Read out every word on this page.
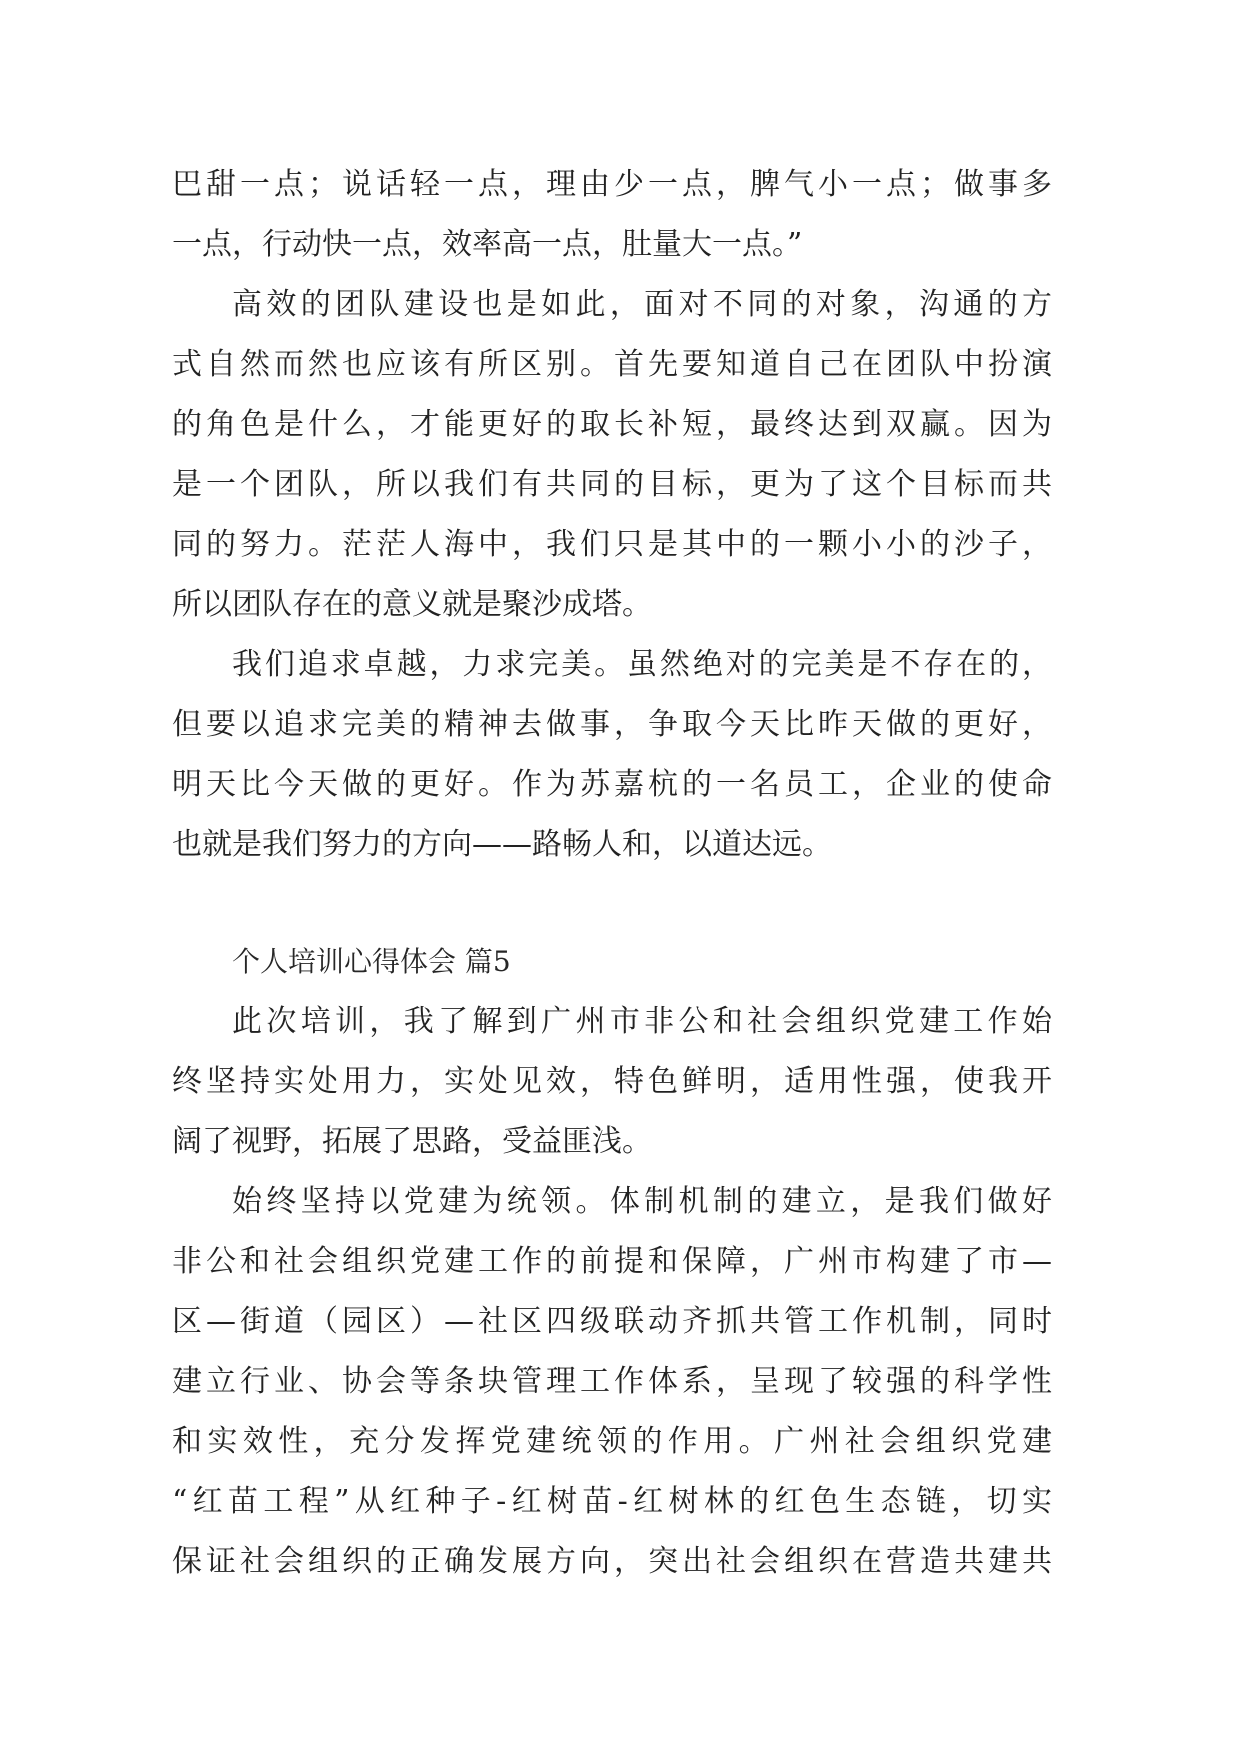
巴甜一点；说话轻一点，理由少一点，脾气小一点；做事多
一点，行动快一点，效率高一点，肚量大一点。”
高效的团队建设也是如此，面对不同的对象，沟通的方
式自然而然也应该有所区别。首先要知道自己在团队中扮演
的角色是什么，才能更好的取长补短，最终达到双赢。因为
是一个团队，所以我们有共同的目标，更为了这个目标而共
同的努力。茫茫人海中，我们只是其中的一颗小小的沙子，
所以团队存在的意义就是聚沙成塔。
我们追求卓越，力求完美。虽然绝对的完美是不存在的，
但要以追求完美的精神去做事，争取今天比昨天做的更好，
明天比今天做的更好。作为苏嘉杭的一名员工，企业的使命
也就是我们努力的方向——路畅人和，以道达远。
个人培训心得体会 篇5
此次培训，我了解到广州市非公和社会组织党建工作始
终坚持实处用力，实处见效，特色鲜明，适用性强，使我开
阔了视野，拓展了思路，受益匪浅。
始终坚持以党建为统领。体制机制的建立，是我们做好
非公和社会组织党建工作的前提和保障，广州市构建了市—
区—街道（园区）—社区四级联动齐抓共管工作机制，同时
建立行业、协会等条块管理工作体系，呈现了较强的科学性
和实效性，充分发挥党建统领的作用。广州社会组织党建
“红苗工程”从红种子-红树苗-红树林的红色生态链，切实
保证社会组织的正确发展方向，突出社会组织在营造共建共
